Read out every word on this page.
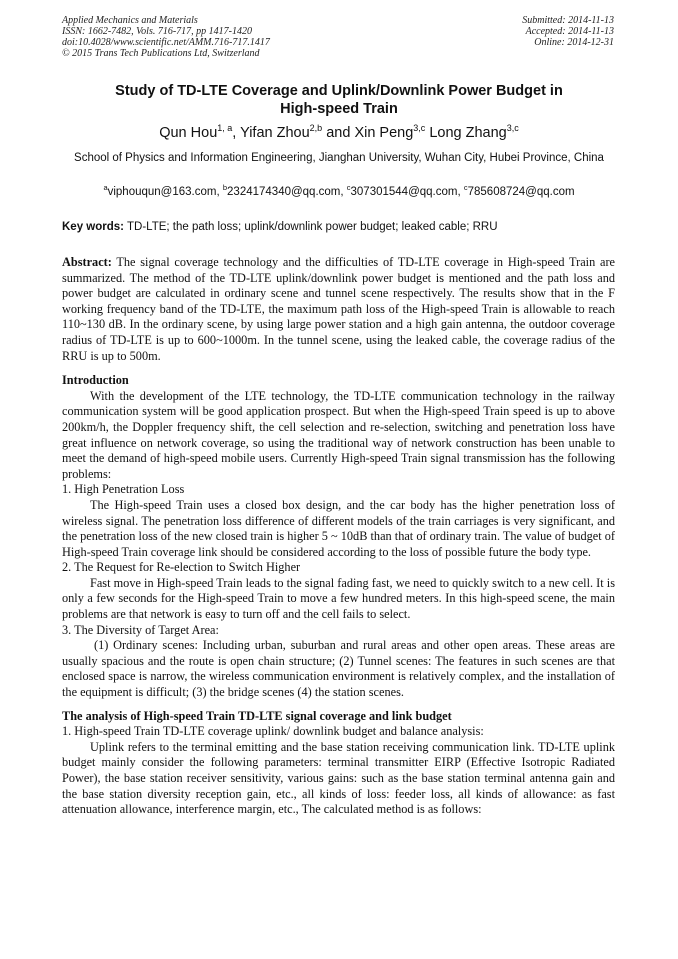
Applied Mechanics and Materials
ISSN: 1662-7482, Vols. 716-717, pp 1417-1420
doi:10.4028/www.scientific.net/AMM.716-717.1417
© 2015 Trans Tech Publications Ltd, Switzerland
Submitted: 2014-11-13
Accepted: 2014-11-13
Online: 2014-12-31
Study of TD-LTE Coverage and Uplink/Downlink Power Budget in
High-speed Train
Qun Hou$^{1, a}$, Yifan Zhou$^{2,b}$ and Xin Peng$^{3,c}$ Long Zhang$^{3,c}$
School of Physics and Information Engineering, Jianghan University, Wuhan City, Hubei Province, China
$^a$viphouqun@163.com, $^b$2324174340@qq.com, $^c$307301544@qq.com, $^c$785608724@qq.com
Key words: TD-LTE; the path loss; uplink/downlink power budget; leaked cable; RRU

Abstract: The signal coverage technology and the difficulties of TD-LTE coverage in High-speed Train are summarized. The method of the TD-LTE uplink/downlink power budget is mentioned and the path loss and power budget are calculated in ordinary scene and tunnel scene respectively. The results show that in the F working frequency band of the TD-LTE, the maximum path loss of the High-speed Train is allowable to reach 110~130 dB. In the ordinary scene, by using large power station and a high gain antenna, the outdoor coverage radius of TD-LTE is up to 600~1000m. In the tunnel scene, using the leaked cable, the coverage radius of the RRU is up to 500m.

Introduction

With the development of the LTE technology, the TD-LTE communication technology in the railway communication system will be good application prospect. But when the High-speed Train speed is up to above 200km/h, the Doppler frequency shift, the cell selection and re-selection, switching and penetration loss have great influence on network coverage, so using the traditional way of network construction has been unable to meet the demand of high-speed mobile users. Currently High-speed Train signal transmission has the following problems:

1. High Penetration Loss

The High-speed Train uses a closed box design, and the car body has the higher penetration loss of wireless signal. The penetration loss difference of different models of the train carriages is very significant, and the penetration loss of the new closed train is higher 5 ~ 10dB than that of ordinary train. The value of budget of High-speed Train coverage link should be considered according to the loss of possible future the body type.

2. The Request for Re-election to Switch Higher

Fast move in High-speed Train leads to the signal fading fast, we need to quickly switch to a new cell. It is only a few seconds for the High-speed Train to move a few hundred meters. In this high-speed scene, the main problems are that network is easy to turn off and the cell fails to select.

3. The Diversity of Target Area:

(1) Ordinary scenes: Including urban, suburban and rural areas and other open areas. These areas are usually spacious and the route is open chain structure; (2) Tunnel scenes: The features in such scenes are that enclosed space is narrow, the wireless communication environment is relatively complex, and the installation of the equipment is difficult; (3) the bridge scenes (4) the station scenes.

The analysis of High-speed Train TD-LTE signal coverage and link budget

1. High-speed Train TD-LTE coverage uplink/ downlink budget and balance analysis:

Uplink refers to the terminal emitting and the base station receiving communication link. TD-LTE uplink budget mainly consider the following parameters: terminal transmitter EIRP (Effective Isotropic Radiated Power), the base station receiver sensitivity, various gains: such as the base station terminal antenna gain and the base station diversity reception gain, etc., all kinds of loss: feeder loss, all kinds of allowance: as fast attenuation allowance, interference margin, etc., The calculated method is as follows:
